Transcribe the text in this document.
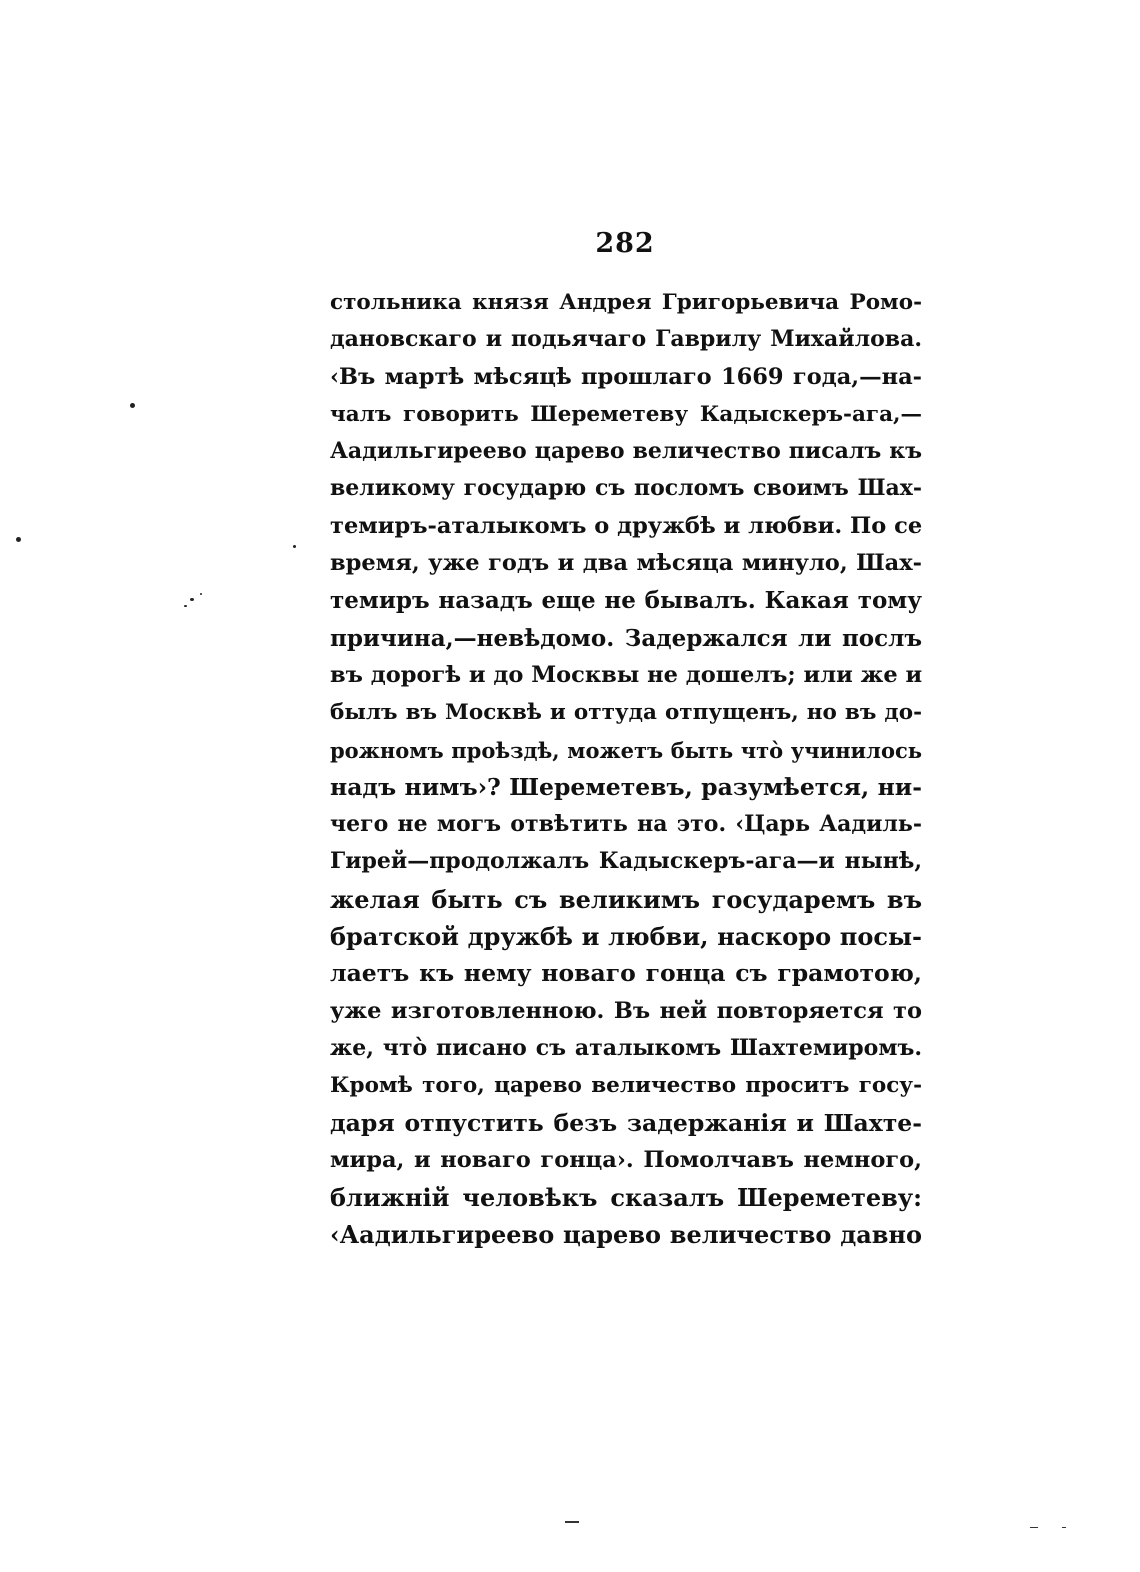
282
стольника князя Андрея Григорьевича Ромо-
дановскаго и подьячаго Гаврилу Михайлова.
‹Въ мартѣ мѣсяцѣ прошлаго 1669 года,—на-
чалъ говорить Шереметеву Кадыскеръ-ага,—
Аадильгиреево царево величество писалъ къ
великому государю съ посломъ своимъ Шах-
темиръ-аталыкомъ о дружбѣ и любви. По се
время, уже годъ и два мѣсяца минуло, Шах-
темиръ назадъ еще не бывалъ. Какая тому
причина,—невѣдомо. Задержался ли послъ
въ дорогѣ и до Москвы не дошелъ; или же и
былъ въ Москвѣ и оттуда отпущенъ, но въ до-
рожномъ проѣздѣ, можетъ быть что̀ учинилось
надъ нимъ›? Шереметевъ, разумѣется, ни-
чего не могъ отвѣтить на это. ‹Царь Аадиль-
Гирей—продолжалъ Кадыскеръ-ага—и нынѣ,
желая быть съ великимъ государемъ въ
братской дружбѣ и любви, наскоро посы-
лаетъ къ нему новаго гонца съ грамотою,
уже изготовленною. Въ ней повторяется то
же, что̀ писано съ аталыкомъ Шахтемиромъ.
Кромѣ того, царево величество проситъ госу-
даря отпустить безъ задержанія и Шахте-
мира, и новаго гонца›. Помолчавъ немного,
ближній человѣкъ сказалъ Шереметеву:
‹Аадильгиреево царево величество давно
